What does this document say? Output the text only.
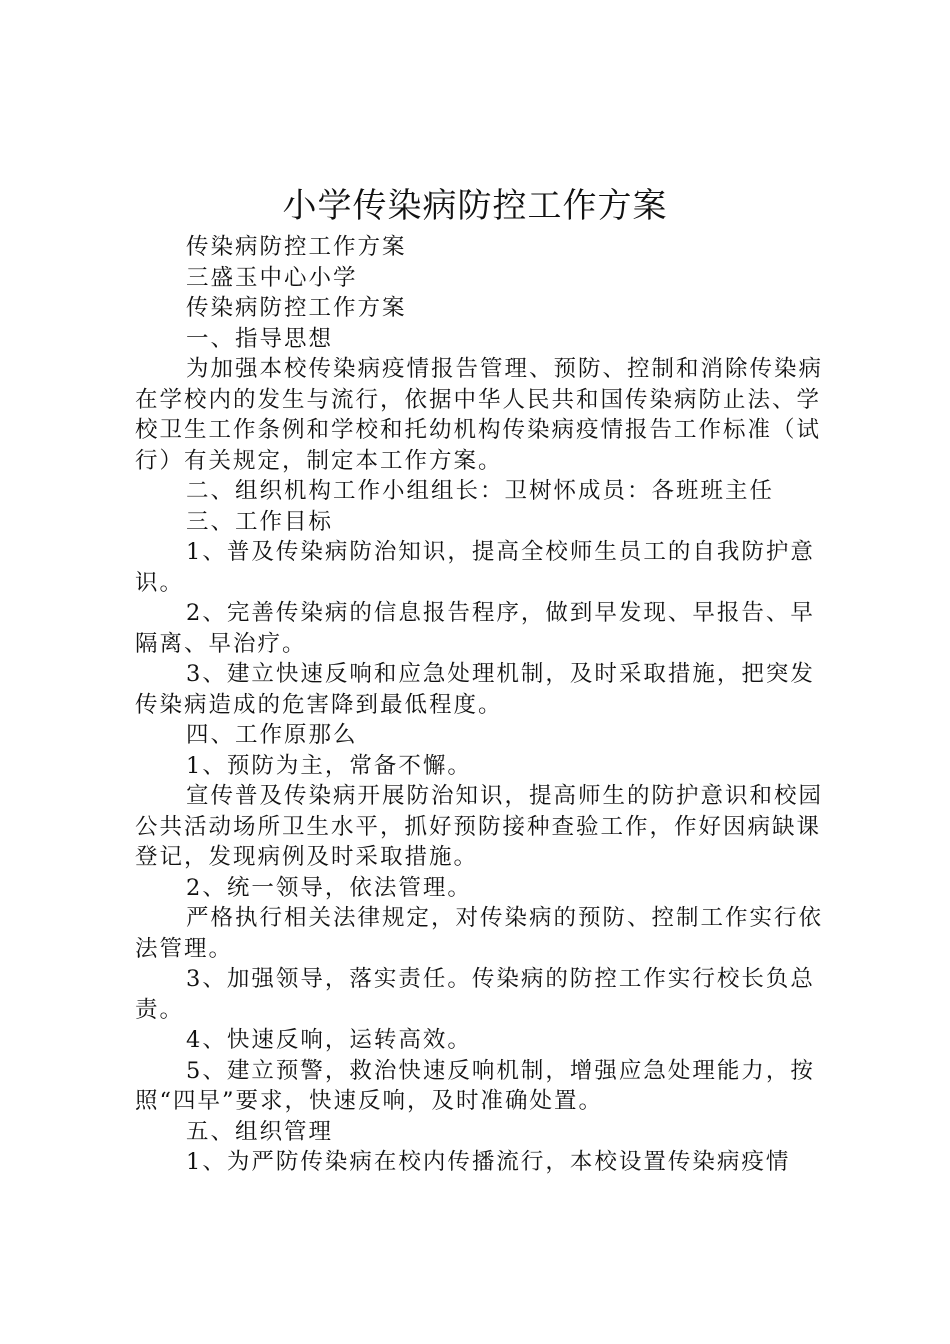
小学传染病防控工作方案

传染病防控工作方案

三盛玉中心小学

传染病防控工作方案

一、指导思想

为加强本校传染病疫情报告管理、预防、控制和消除传染病在学校内的发生与流行，依据中华人民共和国传染病防止法、学校卫生工作条例和学校和托幼机构传染病疫情报告工作标准（试行）有关规定，制定本工作方案。

二、组织机构工作小组组长：卫树怀成员：各班班主任

三、工作目标

1、普及传染病防治知识，提高全校师生员工的自我防护意识。

2、完善传染病的信息报告程序，做到早发现、早报告、早隔离、早治疗。

3、建立快速反响和应急处理机制，及时采取措施，把突发传染病造成的危害降到最低程度。

四、工作原那么

1、预防为主，常备不懈。

宣传普及传染病开展防治知识，提高师生的防护意识和校园公共活动场所卫生水平，抓好预防接种查验工作，作好因病缺课登记，发现病例及时采取措施。

2、统一领导，依法管理。

严格执行相关法律规定，对传染病的预防、控制工作实行依法管理。

3、加强领导，落实责任。传染病的防控工作实行校长负总责。

4、快速反响，运转高效。

5、建立预警，救治快速反响机制，增强应急处理能力，按照“四早”要求，快速反响，及时准确处置。

五、组织管理

1、为严防传染病在校内传播流行，本校设置传染病疫情
